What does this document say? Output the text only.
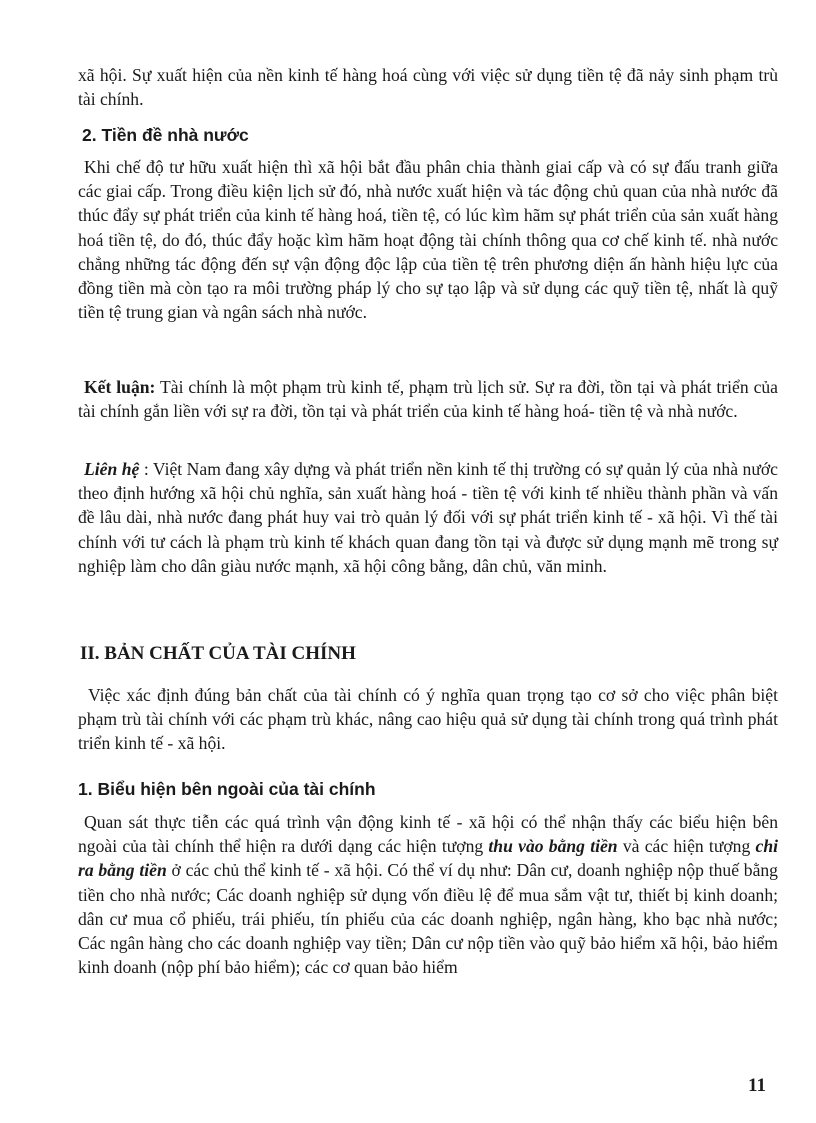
xã hội. Sự xuất hiện của nền kinh tế hàng hoá cùng với việc sử dụng tiền tệ đã nảy sinh phạm trù tài chính.

2. Tiền đề nhà nước

Khi chế độ tư hữu xuất hiện thì xã hội bắt đầu phân chia thành giai cấp và có sự đấu tranh giữa các giai cấp. Trong điều kiện lịch sử đó, nhà nước xuất hiện và tác động chủ quan của nhà nước đã thúc đẩy sự phát triển của kinh tế hàng hoá, tiền tệ, có lúc kìm hãm sự phát triển của sản xuất hàng hoá tiền tệ, do đó, thúc đẩy hoặc kìm hãm hoạt động tài chính thông qua cơ chế kinh tế. nhà nước chẳng những tác động đến sự vận động độc lập của tiền tệ trên phương diện ấn hành hiệu lực của đồng tiền mà còn tạo ra môi trường pháp lý cho sự tạo lập và sử dụng các quỹ tiền tệ, nhất là quỹ tiền tệ trung gian và ngân sách nhà nước.

Kết luận: Tài chính là một phạm trù kinh tế, phạm trù lịch sử. Sự ra đời, tồn tại và phát triển của tài chính gắn liền với sự ra đời, tồn tại và phát triển của kinh tế hàng hoá- tiền tệ và nhà nước.

Liên hệ : Việt Nam đang xây dựng và phát triển nền kinh tế thị trường có sự quản lý của nhà nước theo định hướng xã hội chủ nghĩa, sản xuất hàng hoá - tiền tệ với kinh tế nhiều thành phần và vấn đề lâu dài, nhà nước đang phát huy vai trò quản lý đối với sự phát triển kinh tế - xã hội. Vì thế tài chính với tư cách là phạm trù kinh tế khách quan đang tồn tại và được sử dụng mạnh mẽ trong sự nghiệp làm cho dân giàu nước mạnh, xã hội công bằng, dân chủ, văn minh.

II. BẢN CHẤT CỦA TÀI CHÍNH

Việc xác định đúng bản chất của tài chính có ý nghĩa quan trọng tạo cơ sở cho việc phân biệt phạm trù tài chính với các phạm trù khác, nâng cao hiệu quả sử dụng tài chính trong quá trình phát triển kinh tế - xã hội.

1. Biểu hiện bên ngoài của tài chính

Quan sát thực tiễn các quá trình vận động kinh tế - xã hội có thể nhận thấy các biểu hiện bên ngoài của tài chính thể hiện ra dưới dạng các hiện tượng thu vào bằng tiền và các hiện tượng chi ra bằng tiền ở các chủ thể kinh tế - xã hội. Có thể ví dụ như: Dân cư, doanh nghiệp nộp thuế bằng tiền cho nhà nước; Các doanh nghiệp sử dụng vốn điều lệ để mua sắm vật tư, thiết bị kinh doanh; dân cư mua cổ phiếu, trái phiếu, tín phiếu của các doanh nghiệp, ngân hàng, kho bạc nhà nước; Các ngân hàng cho các doanh nghiệp vay tiền; Dân cư nộp tiền vào quỹ bảo hiểm xã hội, bảo hiểm kinh doanh (nộp phí bảo hiểm); các cơ quan bảo hiểm

11
